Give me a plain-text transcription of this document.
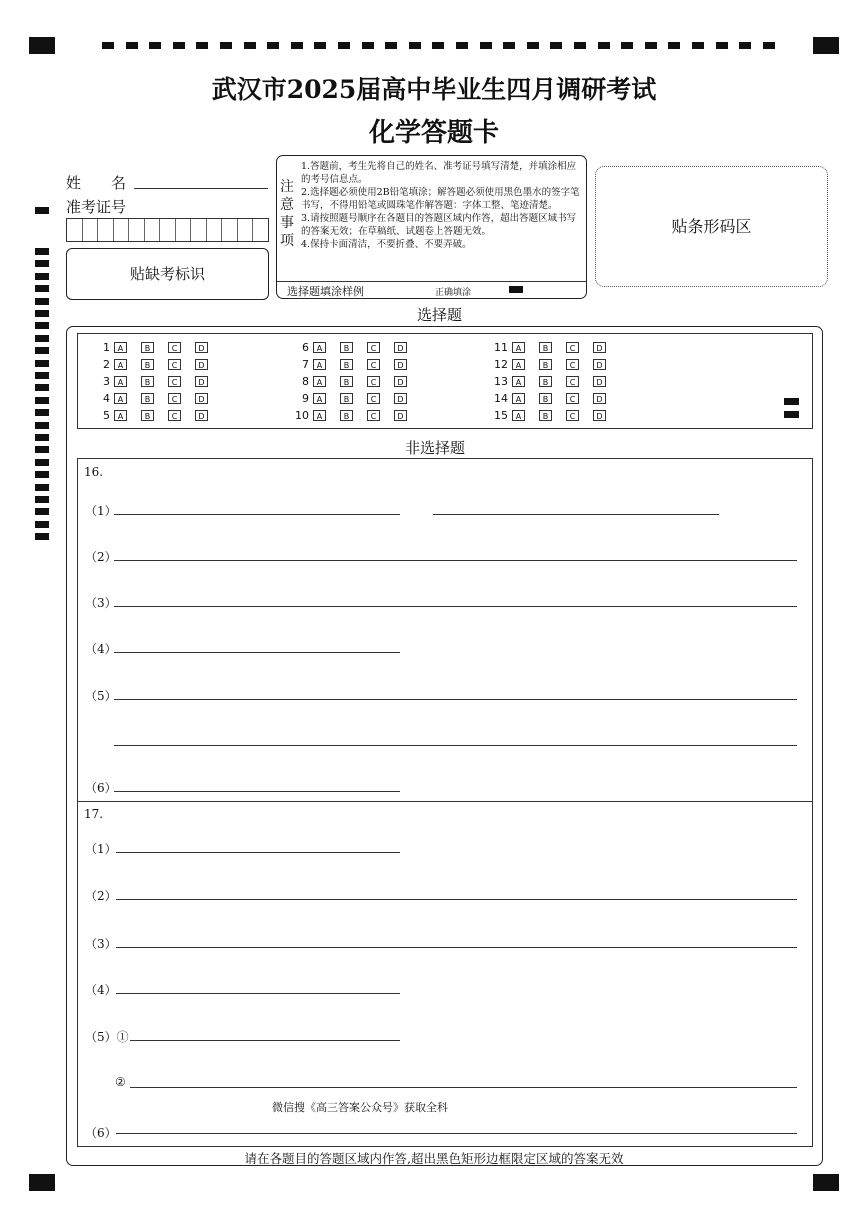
武汉市2025届高中毕业生四月调研考试
化学答题卡
姓　　名
准考证号
贴缺考标识
注
意
事
项
1.答题前，考生先将自己的姓名、准考证号填写清楚，并填涂相应的考号信息点。
2.选择题必须使用2B铅笔填涂；解答题必须使用黑色墨水的签字笔书写，不得用铅笔或圆珠笔作解答题：字体工整、笔迹清楚。
3.请按照题号顺序在各题目的答题区域内作答，超出答题区域书写的答案无效；在草稿纸、试题卷上答题无效。
4.保持卡面清洁，不要折叠、不要弄破。
选择题填涂样例	正确填涂
贴条形码区
选择题
1 A	B	C	D
2 A	B	C	D
3 A	B	C	D
4 A	B	C	D
5 A	B	C	D
6 A	B	C	D
7 A	B	C	D
8 A	B	C	D
9 A	B	C	D
10 A	B	C	D
11 A	B	C	D
12 A	B	C	D
13 A	B	C	D
14 A	B	C	D
15 A	B	C	D
非选择题
16.
（1）
（2）
（3）
（4）
（5）
（6）
17.
（1）
（2）
（3）
（4）
（5）①
②
微信搜《高三答案公众号》获取全科
（6）
请在各题目的答题区域内作答,超出黑色矩形边框限定区域的答案无效
